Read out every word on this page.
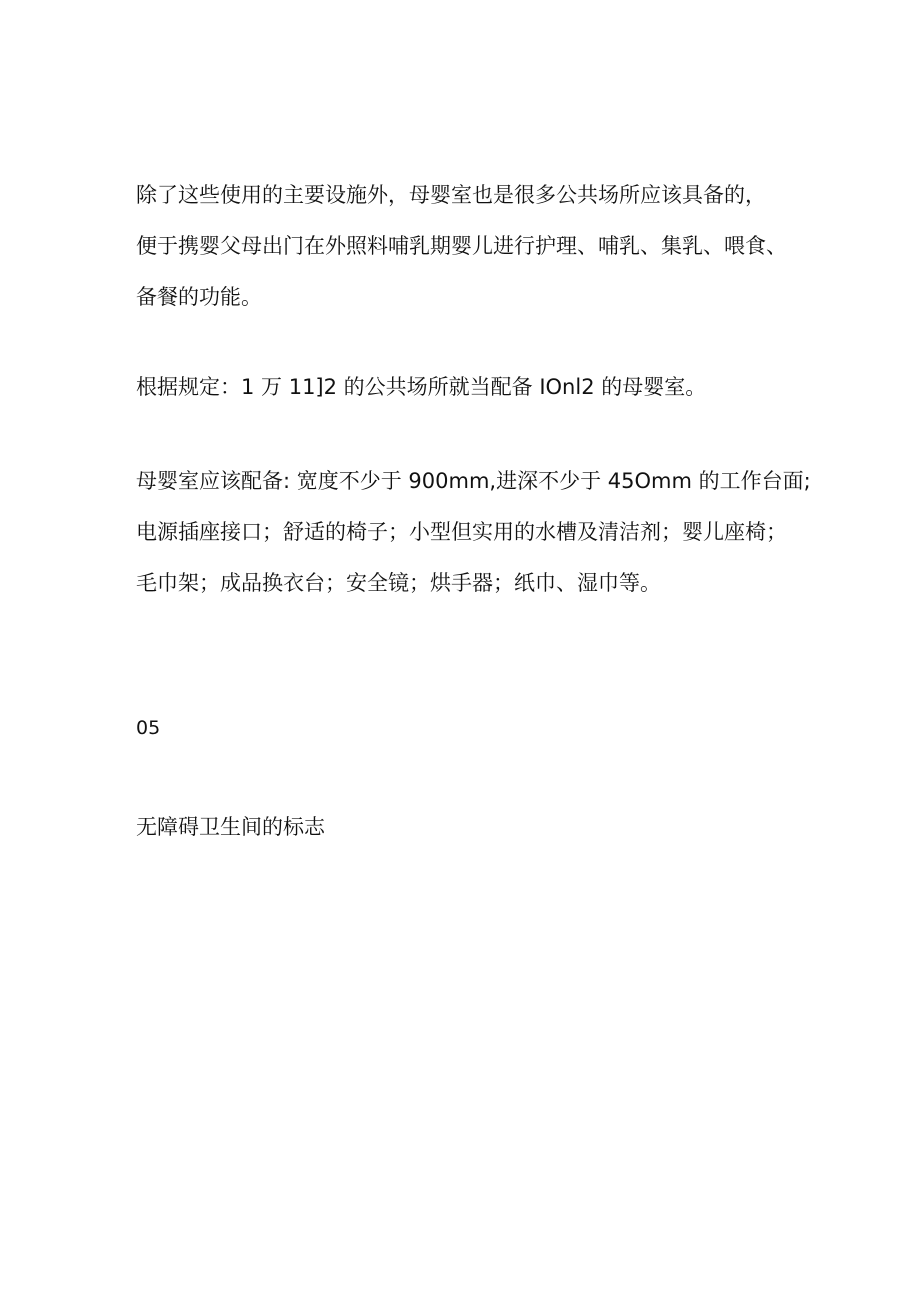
除了这些使用的主要设施外，母婴室也是很多公共场所应该具备的，
便于携婴父母出门在外照料哺乳期婴儿进行护理、哺乳、集乳、喂食、
备餐的功能。
根据规定：1 万 11]2 的公共场所就当配备 IOnl2 的母婴室。
母婴室应该配备: 宽度不少于 900mm,进深不少于 45Omm 的工作台面;
电源插座接口；舒适的椅子；小型但实用的水槽及清洁剂；婴儿座椅；
毛巾架；成品换衣台；安全镜；烘手器；纸巾、湿巾等。
05
无障碍卫生间的标志
